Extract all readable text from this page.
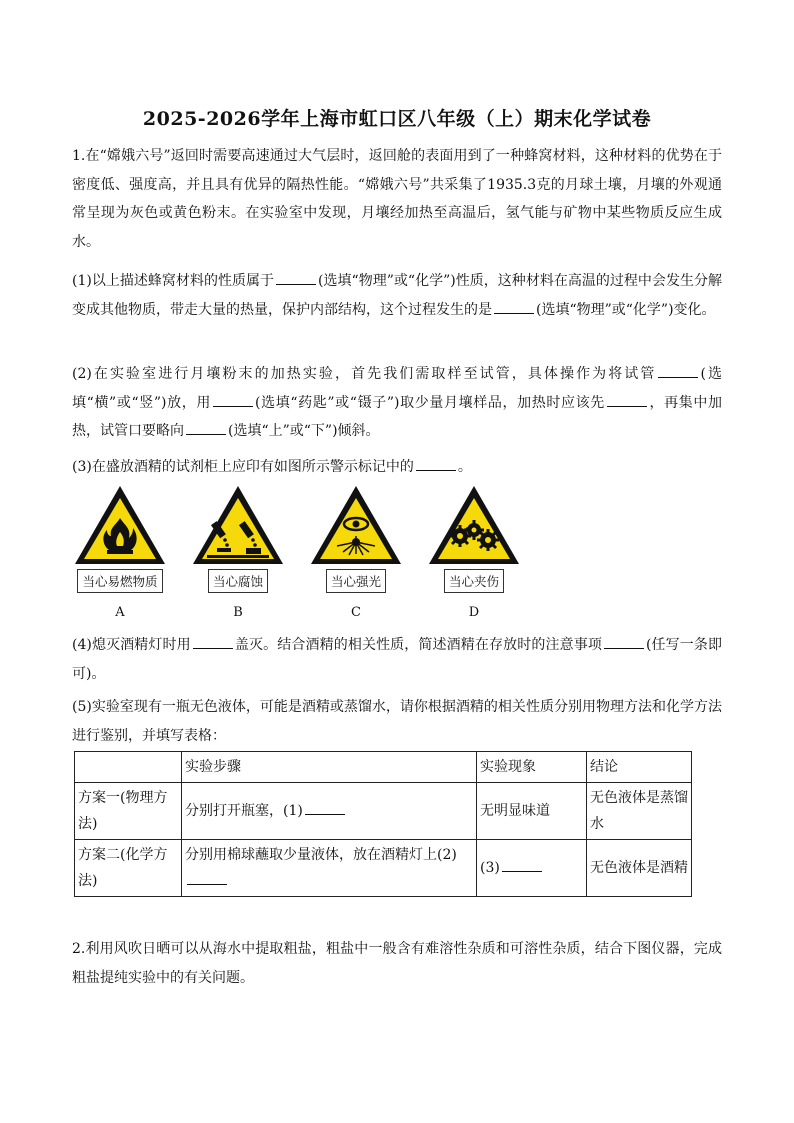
2025-2026学年上海市虹口区八年级（上）期末化学试卷
1.在“嫦娥六号”返回时需要高速通过大气层时，返回舱的表面用到了一种蜂窝材料，这种材料的优势在于密度低、强度高，并且具有优异的隔热性能。“嫦娥六号”共采集了1935.3克的月球土壤，月壤的外观通常呈现为灰色或黄色粉末。在实验室中发现，月壤经加热至高温后，氢气能与矿物中某些物质反应生成水。
(1)以上描述蜂窝材料的性质属于	(选填“物理”或“化学”)性质，这种材料在高温的过程中会发生分解变成其他物质，带走大量的热量，保护内部结构，这个过程发生的是	(选填“物理”或“化学”)变化。
(2)在实验室进行月壤粉末的加热实验，首先我们需取样至试管，具体操作为将试管	(选填“横”或“竖”)放，用	(选填“药匙”或“镊子”)取少量月壤样品，加热时应该先	，再集中加热，试管口要略向	(选填“上”或“下”)倾斜。
(3)在盛放酒精的试剂柜上应印有如图所示警示标记中的	。
当心易燃物质
A
当心腐蚀
B
当心强光
C
当心夹伤
D
(4)熄灭酒精灯时用	盖灭。结合酒精的相关性质，简述酒精在存放时的注意事项	(任写一条即可)。
(5)实验室现有一瓶无色液体，可能是酒精或蒸馏水，请你根据酒精的相关性质分别用物理方法和化学方法进行鉴别，并填写表格：
	实验步骤	实验现象	结论
方案一(物理方法)	分别打开瓶塞，(1)	无明显味道	无色液体是蒸馏水
方案二(化学方法)	分别用棉球蘸取少量液体，放在酒精灯上(2)	(3)	无色液体是酒精
2.利用风吹日晒可以从海水中提取粗盐，粗盐中一般含有难溶性杂质和可溶性杂质，结合下图仪器，完成粗盐提纯实验中的有关问题。
